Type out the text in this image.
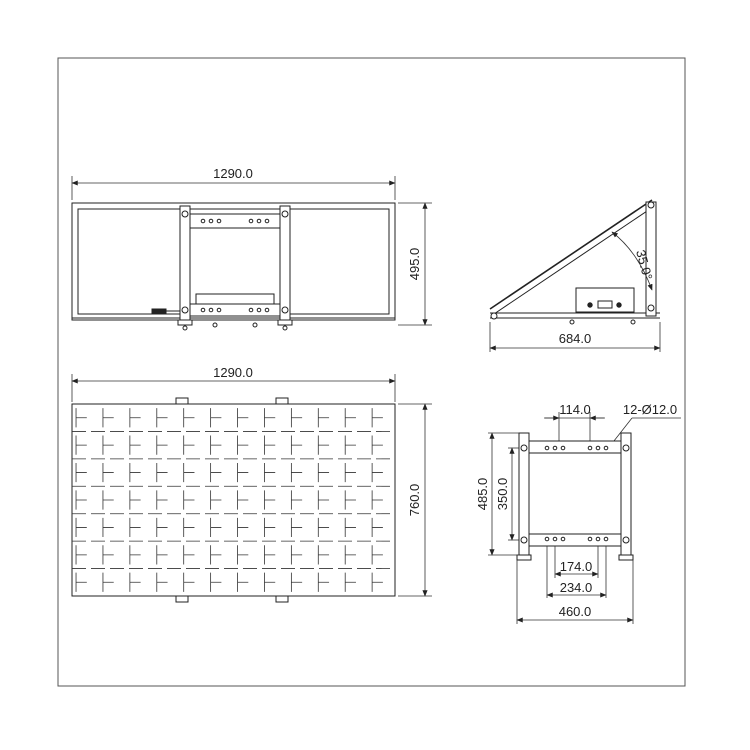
1290.0
495.0	35.0°
684.0
1290.0
760.0
114.0 12-Ø12.0
485.0 350.0
174.0
234.0
460.0
